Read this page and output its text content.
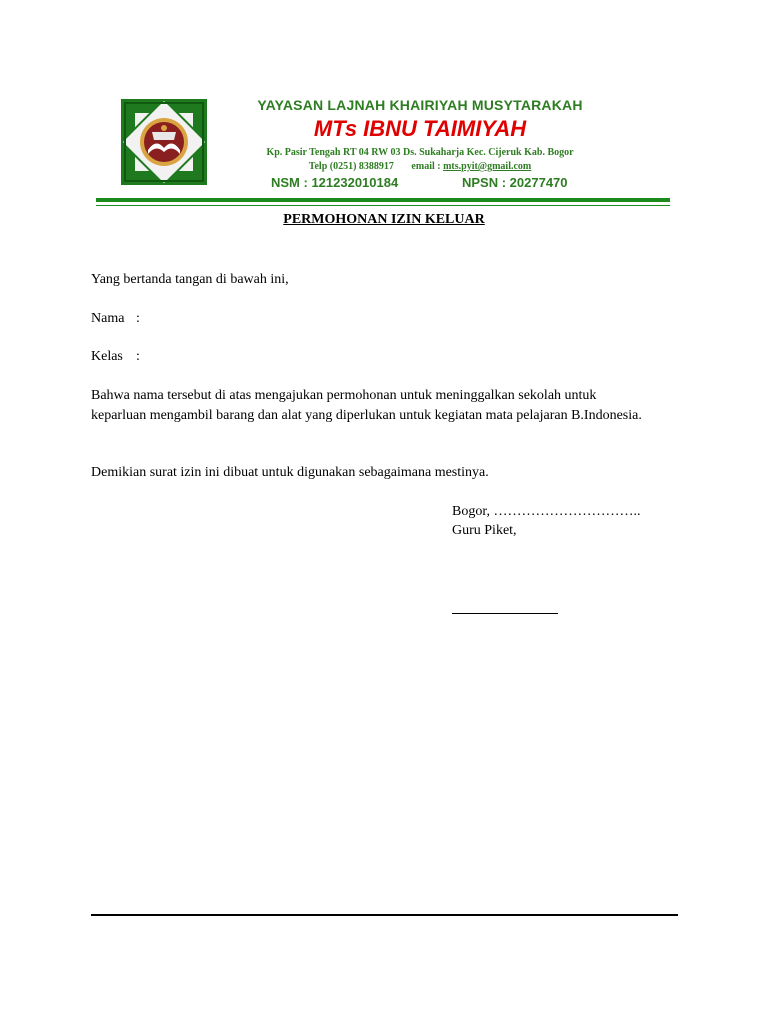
YAYASAN LAJNAH KHAIRIYAH MUSYTARAKAH
MTs IBNU TAIMIYAH
Kp. Pasir Tengah RT 04 RW 03 Ds. Sukaharja Kec. Cijeruk Kab. Bogor
Telp (0251) 8388917 email : mts.pyit@gmail.com
NSM : 121232010184	NPSN : 20277470
PERMOHONAN IZIN KELUAR
Yang bertanda tangan di bawah ini,
Nama :
Kelas :
Bahwa nama tersebut di atas mengajukan permohonan untuk meninggalkan sekolah untuk keparluan mengambil barang dan alat yang diperlukan untuk kegiatan mata pelajaran B.Indonesia.
Demikian surat izin ini dibuat untuk digunakan sebagaimana mestinya.
Bogor, …………………………..
Guru Piket,
